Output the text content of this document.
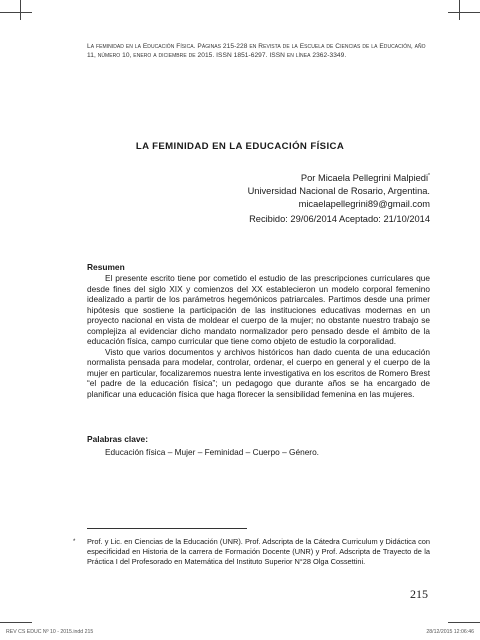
La feminidad en la Educación Física. Páginas 215-228 en Revista de la Escuela de Ciencias de la Educación, año 11, número 10, enero a diciembre de 2015. ISSN 1851-6297. ISSN en línea 2362-3349.
LA FEMINIDAD EN LA EDUCACIÓN FÍSICA
Por Micaela Pellegrini Malpiedi*
Universidad Nacional de Rosario, Argentina.
micaelapellegrini89@gmail.com
Recibido: 29/06/2014 Aceptado: 21/10/2014
Resumen

El presente escrito tiene por cometido el estudio de las prescripciones curriculares que desde fines del siglo XIX y comienzos del XX establecieron un modelo corporal femenino idealizado a partir de los parámetros hegemónicos patriarcales. Partimos desde una primer hipótesis que sostiene la participación de las instituciones educativas modernas en un proyecto nacional en vista de moldear el cuerpo de la mujer; no obstante nuestro trabajo se complejiza al evidenciar dicho mandato normalizador pero pensado desde el ámbito de la educación física, campo curricular que tiene como objeto de estudio la corporalidad.

Visto que varios documentos y archivos históricos han dado cuenta de una educación normalista pensada para modelar, controlar, ordenar, el cuerpo en general y el cuerpo de la mujer en particular, focalizaremos nuestra lente investigativa en los escritos de Romero Brest “el padre de la educación física”; un pedagogo que durante años se ha encargado de planificar una educación física que haga florecer la sensibilidad femenina en las mujeres.

Palabras clave:
Educación física – Mujer – Feminidad – Cuerpo – Género.
* Prof. y Lic. en Ciencias de la Educación (UNR). Prof. Adscripta de la Cátedra Curriculum y Didáctica con especificidad en Historia de la carrera de Formación Docente (UNR) y Prof. Adscripta de Trayecto de la Práctica I del Profesorado en Matemática del Instituto Superior N°28 Olga Cossettini.
215
REV CS EDUC Nº 10 - 2015.indd 215	28/12/2015 12:06:46
